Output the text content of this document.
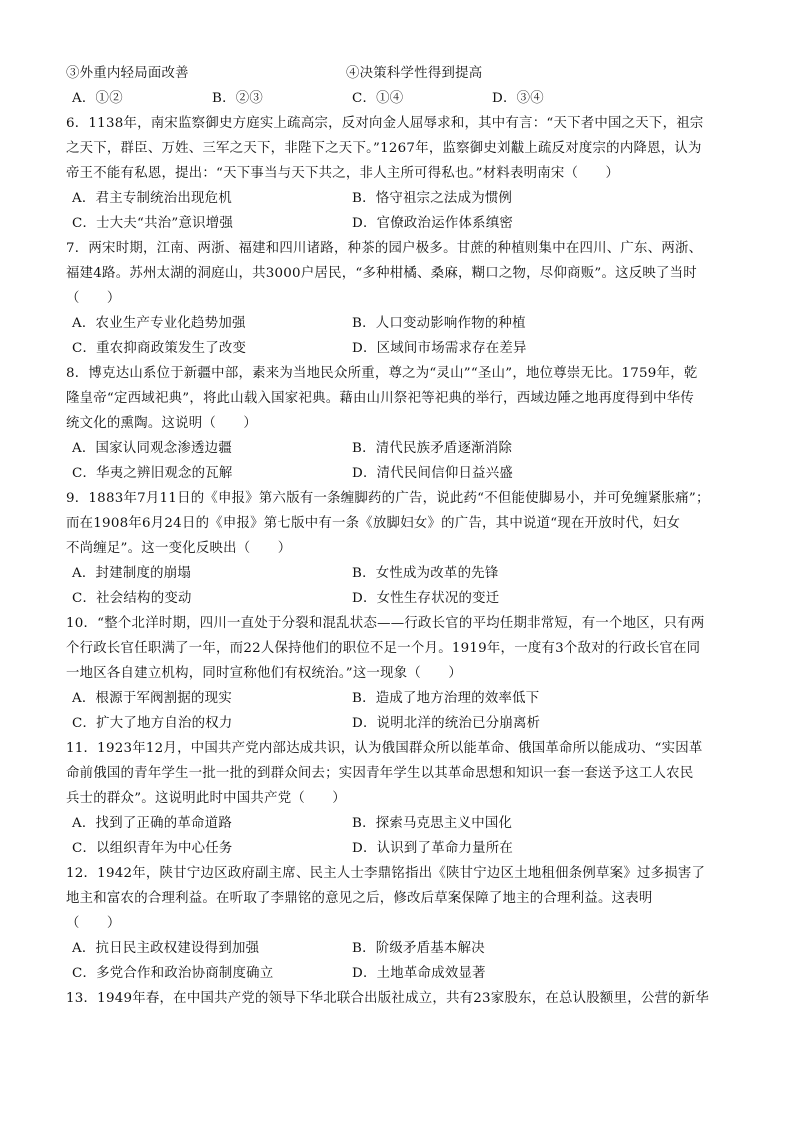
③外重内轻局面改善	④决策科学性得到提高
A．①②	B．②③	C．①④	D．③④
6．1138年，南宋监察御史方庭实上疏高宗，反对向金人屈辱求和，其中有言：“天下者中国之天下，祖宗
之天下，群臣、万姓、三军之天下，非陛下之天下。”1267年，监察御史刘黻上疏反对度宗的内降恩，认为
帝王不能有私恩，提出：“天下事当与天下共之，非人主所可得私也。”材料表明南宋（　　）
A．君主专制统治出现危机	B．恪守祖宗之法成为惯例
C．士大夫“共治”意识增强	D．官僚政治运作体系缜密
7．两宋时期，江南、两浙、福建和四川诸路，种茶的园户极多。甘蔗的种植则集中在四川、广东、两浙、
福建4路。苏州太湖的洞庭山，共3000户居民，“多种柑橘、桑麻，糊口之物，尽仰商贩”。这反映了当时
（　　）
A．农业生产专业化趋势加强	B．人口变动影响作物的种植
C．重农抑商政策发生了改变	D．区域间市场需求存在差异
8．博克达山系位于新疆中部，素来为当地民众所重，尊之为“灵山”“圣山”，地位尊崇无比。1759年，乾
隆皇帝“定西域祀典”，将此山载入国家祀典。藉由山川祭祀等祀典的举行，西域边陲之地再度得到中华传
统文化的熏陶。这说明（　　）
A．国家认同观念渗透边疆	B．清代民族矛盾逐渐消除
C．华夷之辨旧观念的瓦解	D．清代民间信仰日益兴盛
9．1883年7月11日的《申报》第六版有一条缠脚药的广告，说此药“不但能使脚易小，并可免缠紧胀痛”；
而在1908年6月24日的《申报》第七版中有一条《放脚妇女》的广告，其中说道“现在开放时代，妇女
不尚缠足”。这一变化反映出（　　）
A．封建制度的崩塌	B．女性成为改革的先锋
C．社会结构的变动	D．女性生存状况的变迁
10．“整个北洋时期，四川一直处于分裂和混乱状态——行政长官的平均任期非常短，有一个地区，只有两
个行政长官任职满了一年，而22人保持他们的职位不足一个月。1919年，一度有3个敌对的行政长官在同
一地区各自建立机构，同时宣称他们有权统治。”这一现象（　　）
A．根源于军阀割据的现实	B．造成了地方治理的效率低下
C．扩大了地方自治的权力	D．说明北洋的统治已分崩离析
11．1923年12月，中国共产党内部达成共识，认为俄国群众所以能革命、俄国革命所以能成功、“实因革
命前俄国的青年学生一批一批的到群众间去；实因青年学生以其革命思想和知识一套一套送予这工人农民
兵士的群众”。这说明此时中国共产党（　　）
A．找到了正确的革命道路	B．探索马克思主义中国化
C．以组织青年为中心任务	D．认识到了革命力量所在
12．1942年，陕甘宁边区政府副主席、民主人士李鼎铭指出《陕甘宁边区土地租佃条例草案》过多损害了
地主和富农的合理利益。在听取了李鼎铭的意见之后，修改后草案保障了地主的合理利益。这表明
（　　）
A．抗日民主政权建设得到加强	B．阶级矛盾基本解决
C．多党合作和政治协商制度确立	D．土地革命成效显著
13．1949年春，在中国共产党的领导下华北联合出版社成立，共有23家股东，在总认股额里，公营的新华
